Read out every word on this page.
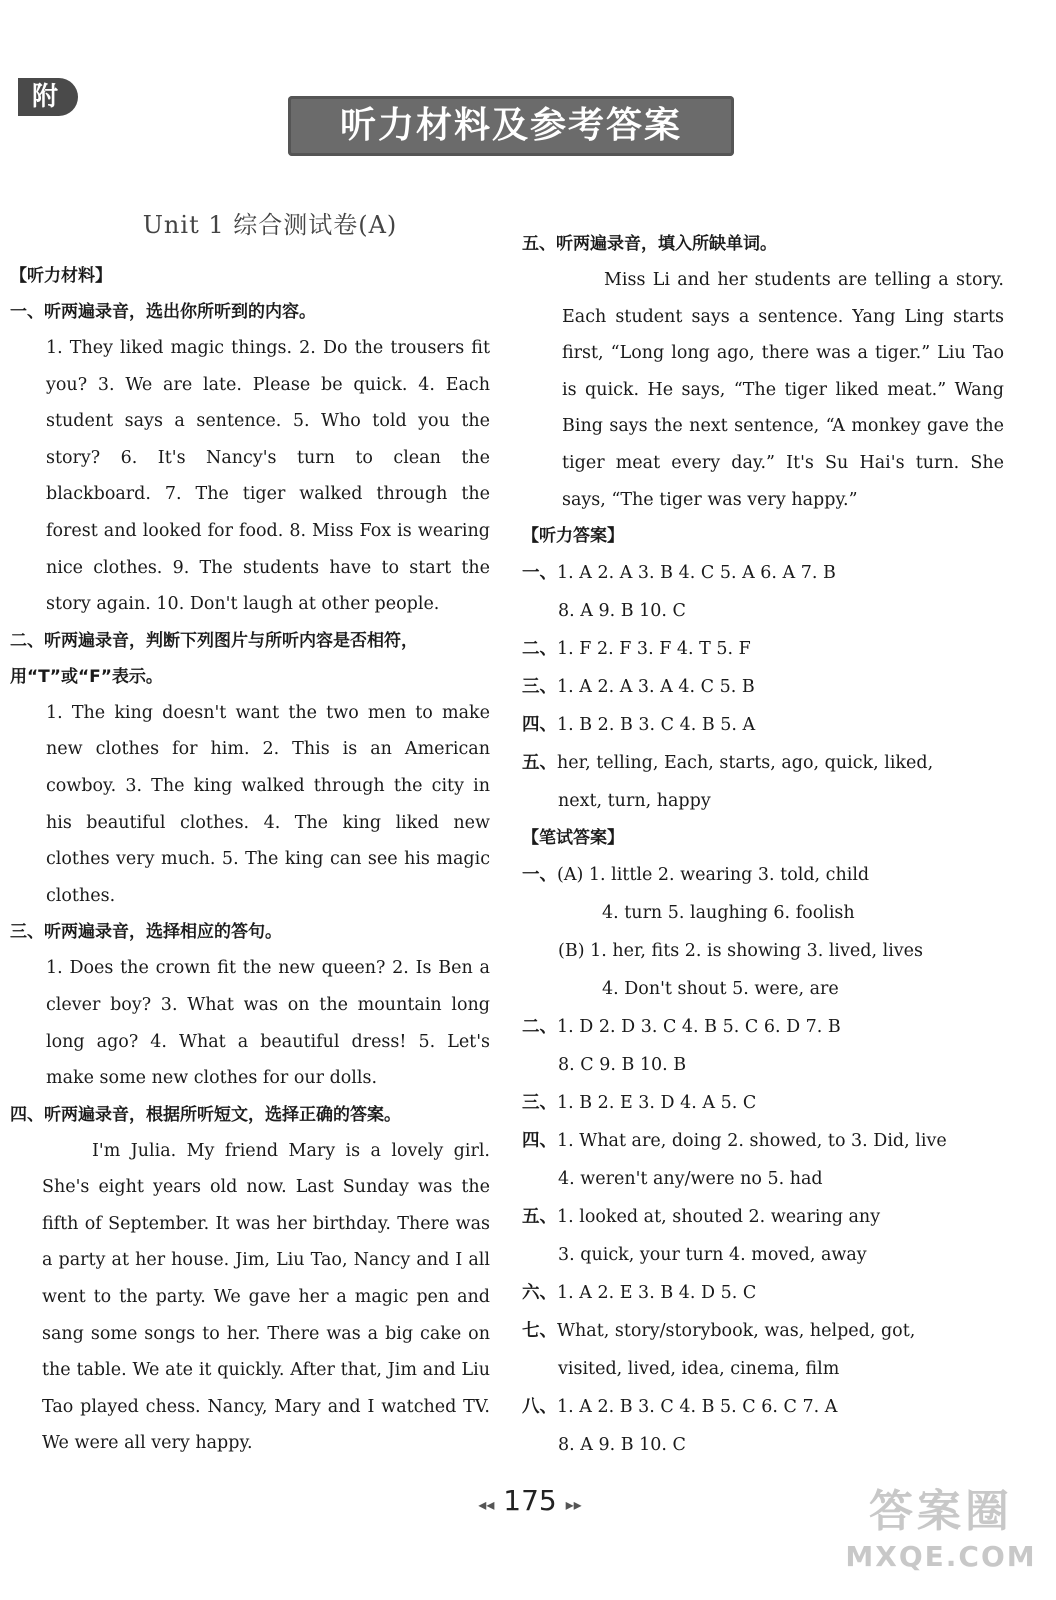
附
听力材料及参考答案

Unit 1 综合测试卷(A)

【听力材料】

一、听两遍录音，选出你所听到的内容。

1. They liked magic things. 2. Do the trousers fit you? 3. We are late. Please be quick. 4. Each student says a sentence. 5. Who told you the story? 6. It's Nancy's turn to clean the blackboard. 7. The tiger walked through the forest and looked for food. 8. Miss Fox is wearing nice clothes. 9. The students have to start the story again. 10. Don't laugh at other people.

二、听两遍录音，判断下列图片与所听内容是否相符，用“T”或“F”表示。

1. The king doesn't want the two men to make new clothes for him. 2. This is an American cowboy. 3. The king walked through the city in his beautiful clothes. 4. The king liked new clothes very much. 5. The king can see his magic clothes.

三、听两遍录音，选择相应的答句。

1. Does the crown fit the new queen? 2. Is Ben a clever boy? 3. What was on the mountain long long ago? 4. What a beautiful dress! 5. Let's make some new clothes for our dolls.

四、听两遍录音，根据所听短文，选择正确的答案。

I'm Julia. My friend Mary is a lovely girl. She's eight years old now. Last Sunday was the fifth of September. It was her birthday. There was a party at her house. Jim, Liu Tao, Nancy and I all went to the party. We gave her a magic pen and sang some songs to her. There was a big cake on the table. We ate it quickly. After that, Jim and Liu Tao played chess. Nancy, Mary and I watched TV. We were all very happy.

五、听两遍录音，填入所缺单词。

Miss Li and her students are telling a story. Each student says a sentence. Yang Ling starts first, “Long long ago, there was a tiger.” Liu Tao is quick. He says, “The tiger liked meat.” Wang Bing says the next sentence, “A monkey gave the tiger meat every day.” It's Su Hai's turn. She says, “The tiger was very happy.”

【听力答案】

一、1. A 2. A 3. B 4. C 5. A 6. A 7. B

8. A 9. B 10. C

二、1. F 2. F 3. F 4. T 5. F

三、1. A 2. A 3. A 4. C 5. B

四、1. B 2. B 3. C 4. B 5. A

五、her, telling, Each, starts, ago, quick, liked,

next, turn, happy

【笔试答案】

一、(A) 1. little 2. wearing 3. told, child

4. turn 5. laughing 6. foolish

(B) 1. her, fits 2. is showing 3. lived, lives

4. Don't shout 5. were, are

二、1. D 2. D 3. C 4. B 5. C 6. D 7. B

8. C 9. B 10. B

三、1. B 2. E 3. D 4. A 5. C

四、1. What are, doing 2. showed, to 3. Did, live

4. weren't any/were no 5. had

五、1. looked at, shouted 2. wearing any

3. quick, your turn 4. moved, away

六、1. A 2. E 3. B 4. D 5. C

七、What, story/storybook, was, helped, got,

visited, lived, idea, cinema, film

八、1. A 2. B 3. C 4. B 5. C 6. C 7. A

8. A 9. B 10. C

◂◂ 175 ▸▸	答案圈
MXQE.COM
